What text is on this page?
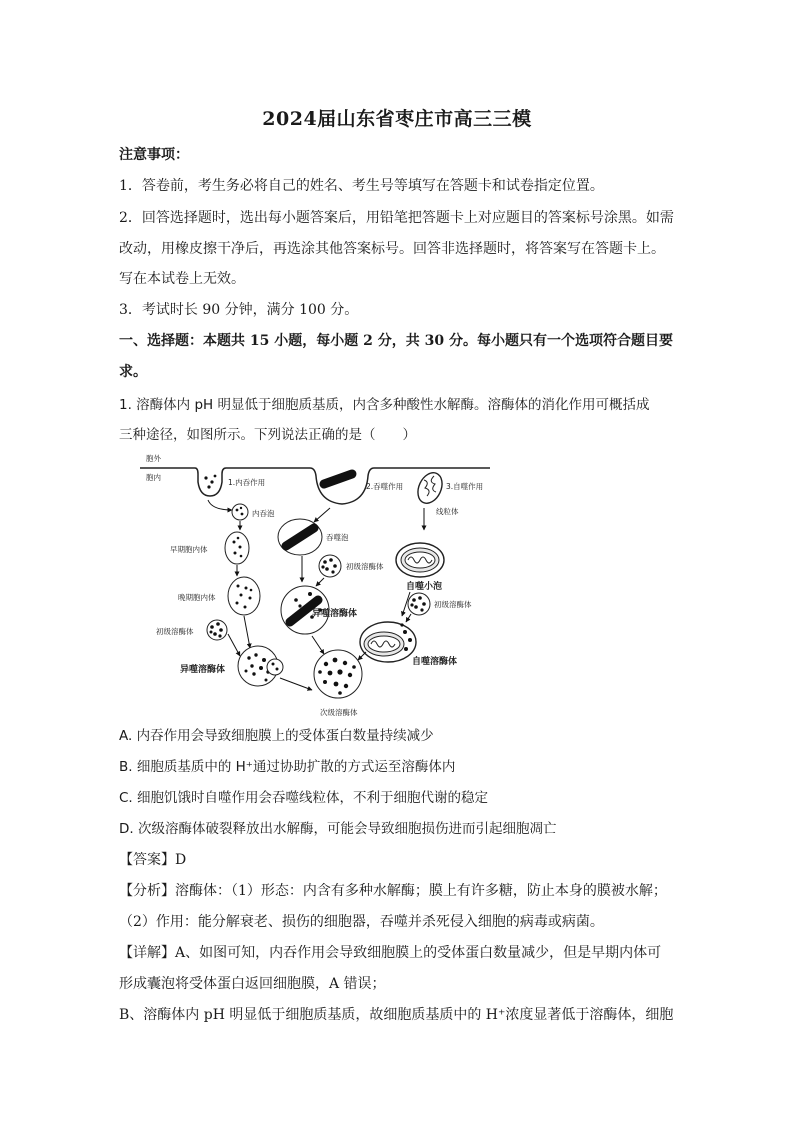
2024届山东省枣庄市高三三模
注意事项：
1．答卷前，考生务必将自己的姓名、考生号等填写在答题卡和试卷指定位置。
2．回答选择题时，选出每小题答案后，用铅笔把答题卡上对应题目的答案标号涂黑。如需
改动，用橡皮擦干净后，再选涂其他答案标号。回答非选择题时，将答案写在答题卡上。
写在本试卷上无效。
3．考试时长 90 分钟，满分 100 分。
一、选择题：本题共 15 小题，每小题 2 分，共 30 分。每小题只有一个选项符合题目要
求。
1. 溶酶体内 pH 明显低于细胞质基质，内含多种酸性水解酶。溶酶体的消化作用可概括成
三种途径，如图所示。下列说法正确的是（　　）
胞外
胞内
1.内吞作用
内吞泡
早期胞内体
晚期胞内体
初级溶酶体
异噬溶酶体
2.吞噬作用
吞噬泡
初级溶酶体
异噬溶酶体
次级溶酶体
3.自噬作用
线粒体
自噬小泡
初级溶酶体
自噬溶酶体
A. 内吞作用会导致细胞膜上的受体蛋白数量持续减少
B. 细胞质基质中的 H⁺通过协助扩散的方式运至溶酶体内
C. 细胞饥饿时自噬作用会吞噬线粒体，不利于细胞代谢的稳定
D. 次级溶酶体破裂释放出水解酶，可能会导致细胞损伤进而引起细胞凋亡
【答案】D
【分析】溶酶体：（1）形态：内含有多种水解酶；膜上有许多糖，防止本身的膜被水解；
（2）作用：能分解衰老、损伤的细胞器，吞噬并杀死侵入细胞的病毒或病菌。
【详解】A、如图可知，内吞作用会导致细胞膜上的受体蛋白数量减少，但是早期内体可
形成囊泡将受体蛋白返回细胞膜，A 错误；
B、溶酶体内 pH 明显低于细胞质基质，故细胞质基质中的 H⁺浓度显著低于溶酶体，细胞
